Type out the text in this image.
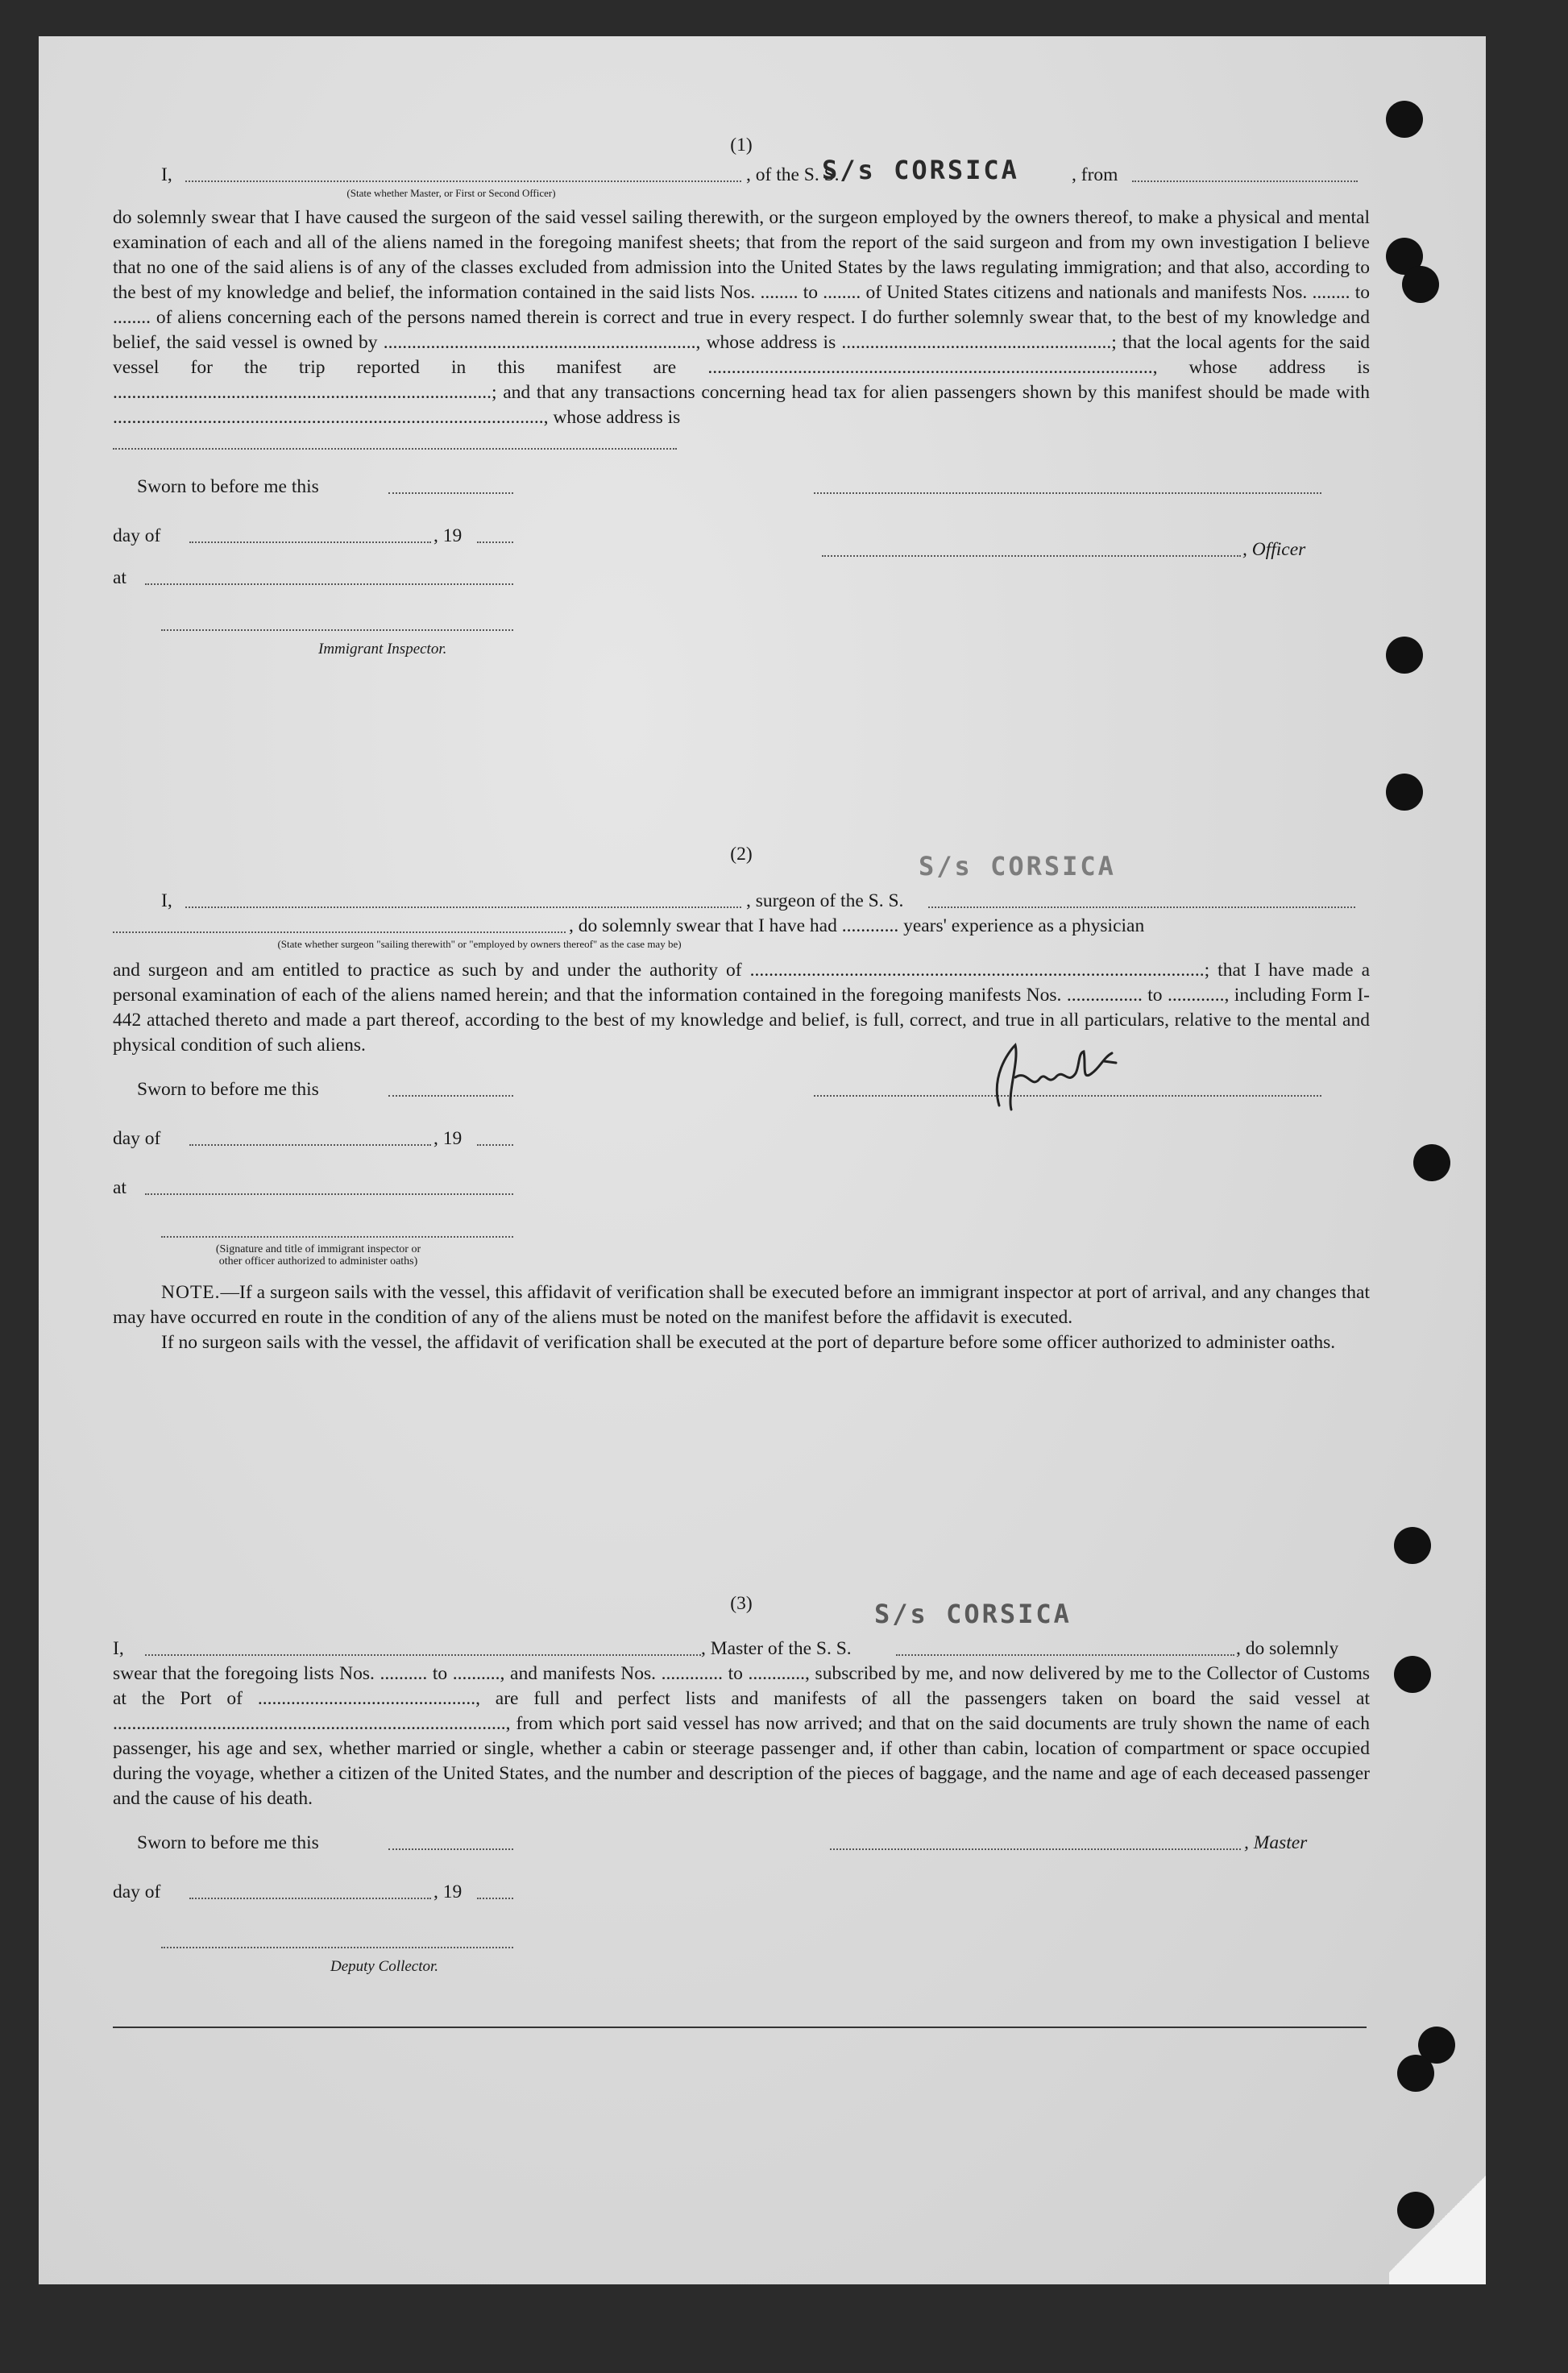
(1)
I,	, of the S. S.
S/s CORSICA	, from
(State whether Master, or First or Second Officer)

do solemnly swear that I have caused the surgeon of the said vessel sailing therewith, or the surgeon employed by the owners thereof, to make a physical and mental examination of each and all of the aliens named in the foregoing manifest sheets; that from the report of the said surgeon and from my own investigation I believe that no one of the said aliens is of any of the classes excluded from admission into the United States by the laws regulating immigration; and that also, according to the best of my knowledge and belief, the information contained in the said lists Nos. ........ to ........ of United States citizens and nationals and manifests Nos. ........ to ........ of aliens concerning each of the persons named therein is correct and true in every respect. I do further solemnly swear that, to the best of my knowledge and belief, the said vessel is owned by .................................................................., whose address is .........................................................; that the local agents for the said vessel for the trip reported in this manifest are .............................................................................................., whose address is ................................................................................; and that any transactions concerning head tax for alien passengers shown by this manifest should be made with ..........................................................................................., whose address is

Sworn to before me this
day of	, 19
, Officer
at
Immigrant Inspector.
(2)	S/s CORSICA
I,	, surgeon of the S. S.
, do solemnly swear that I have had ............ years' experience as a physician
(State whether surgeon "sailing therewith" or "employed by owners thereof" as the case may be)

and surgeon and am entitled to practice as such by and under the authority of ................................................................................................; that I have made a personal examination of each of the aliens named herein; and that the information contained in the foregoing manifests Nos. ................ to ............, including Form I-442 attached thereto and made a part thereof, according to the best of my knowledge and belief, is full, correct, and true in all particulars, relative to the mental and physical condition of such aliens.

Sworn to before me this
day of	, 19
at
(Signature and title of immigrant inspector or
other officer authorized to administer oaths)

NOTE.—If a surgeon sails with the vessel, this affidavit of verification shall be executed before an immigrant inspector at port of arrival, and any changes that may have occurred en route in the condition of any of the aliens must be noted on the manifest before the affidavit is executed.

If no surgeon sails with the vessel, the affidavit of verification shall be executed at the port of departure before some officer authorized to administer oaths.

(3)	S/s CORSICA
I,	, Master of the S. S.	, do solemnly

swear that the foregoing lists Nos. .......... to .........., and manifests Nos. ............. to ............, subscribed by me, and now delivered by me to the Collector of Customs at the Port of .............................................., are full and perfect lists and manifests of all the passengers taken on board the said vessel at ..................................................................................., from which port said vessel has now arrived; and that on the said documents are truly shown the name of each passenger, his age and sex, whether married or single, whether a cabin or steerage passenger and, if other than cabin, location of compartment or space occupied during the voyage, whether a citizen of the United States, and the number and description of the pieces of baggage, and the name and age of each deceased passenger and the cause of his death.

Sworn to before me this	, Master
day of	, 19
Deputy Collector.
